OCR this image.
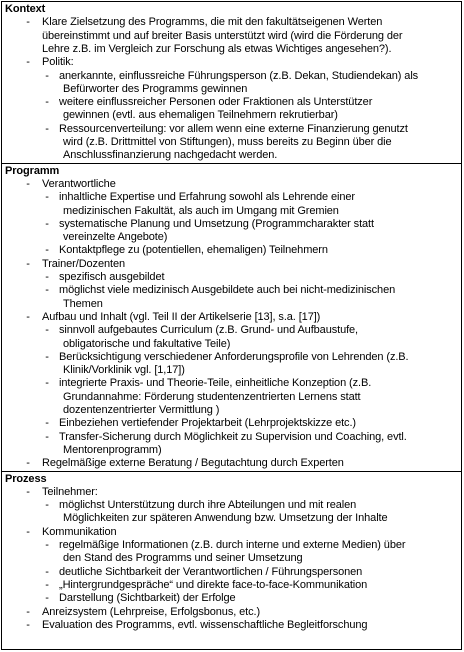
Kontext
- Klare Zielsetzung des Programms, die mit den fakultätseigenen Werten
übereinstimmt und auf breiter Basis unterstützt wird (wird die Förderung der
Lehre z.B. im Vergleich zur Forschung als etwas Wichtiges angesehen?).
- Politik:
- anerkannte, einflussreiche Führungsperson (z.B. Dekan, Studiendekan) als
Befürworter des Programms gewinnen
- weitere einflussreicher Personen oder Fraktionen als Unterstützer
gewinnen (evtl. aus ehemaligen Teilnehmern rekrutierbar)
- Ressourcenverteilung: vor allem wenn eine externe Finanzierung genutzt
wird (z.B. Drittmittel von Stiftungen), muss bereits zu Beginn über die
Anschlussfinanzierung nachgedacht werden.
Programm
- Verantwortliche
- inhaltliche Expertise und Erfahrung sowohl als Lehrende einer
medizinischen Fakultät, als auch im Umgang mit Gremien
- systematische Planung und Umsetzung (Programmcharakter statt
vereinzelte Angebote)
- Kontaktpflege zu (potentiellen, ehemaligen) Teilnehmern
- Trainer/Dozenten
- spezifisch ausgebildet
- möglichst viele medizinisch Ausgebildete auch bei nicht-medizinischen
Themen
- Aufbau und Inhalt (vgl. Teil II der Artikelserie [13], s.a. [17])
- sinnvoll aufgebautes Curriculum (z.B. Grund- und Aufbaustufe,
obligatorische und fakultative Teile)
- Berücksichtigung verschiedener Anforderungsprofile von Lehrenden (z.B.
Klinik/Vorklinik vgl. [1,17])
- integrierte Praxis- und Theorie-Teile, einheitliche Konzeption (z.B.
Grundannahme: Förderung studentenzentrierten Lernens statt
dozentenzentrierter Vermittlung )
- Einbeziehen vertiefender Projektarbeit (Lehrprojektskizze etc.)
- Transfer-Sicherung durch Möglichkeit zu Supervision und Coaching, evtl.
Mentorenprogramm)
- Regelmäßige externe Beratung / Begutachtung durch Experten
Prozess
- Teilnehmer:
- möglichst Unterstützung durch ihre Abteilungen und mit realen
Möglichkeiten zur späteren Anwendung bzw. Umsetzung der Inhalte
- Kommunikation
- regelmäßige Informationen (z.B. durch interne und externe Medien) über
den Stand des Programms und seiner Umsetzung
- deutliche Sichtbarkeit der Verantwortlichen / Führungspersonen
- „Hintergrundgespräche“ und direkte face-to-face-Kommunikation
- Darstellung (Sichtbarkeit) der Erfolge
- Anreizsystem (Lehrpreise, Erfolgsbonus, etc.)
- Evaluation des Programms, evtl. wissenschaftliche Begleitforschung
